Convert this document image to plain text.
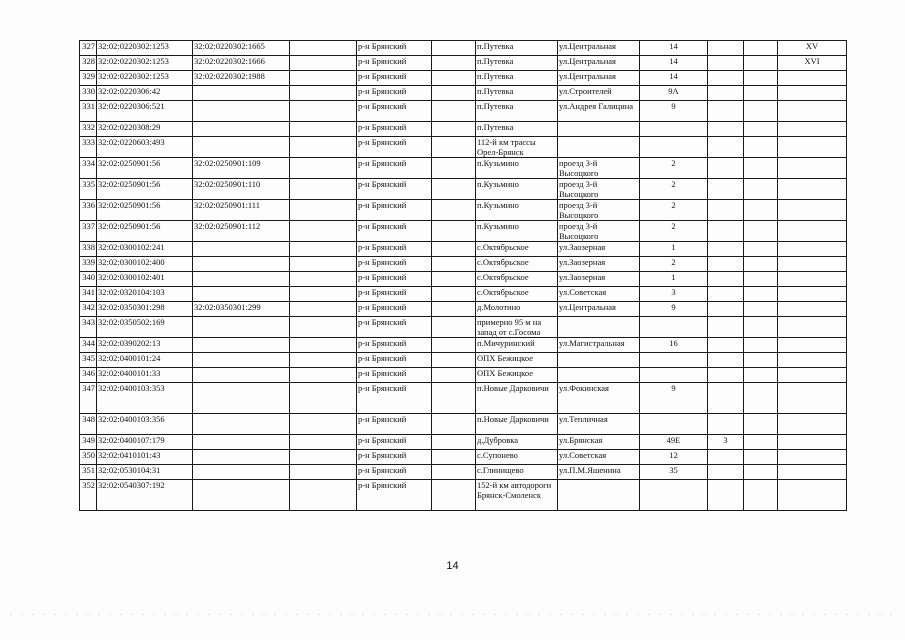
327	32:02:0220302:1253	32:02:0220302:1665		р-н Брянский		п.Путевка	ул.Центральная	14			XV
328	32:02:0220302:1253	32:02:0220302:1666		р-н Брянский		п.Путевка	ул.Центральная	14			XVI
329	32:02:0220302:1253	32:02:0220302:1988		р-н Брянский		п.Путевка	ул.Центральная	14			
330	32:02:0220306:42			р-н Брянский		п.Путевка	ул.Строителей	9А			
331	32:02:0220306:521			р-н Брянский		п.Путевка	ул.Андрея Галицина	9			
332	32:02:0220308:29			р-н Брянский		п.Путевка					
333	32:02:0220603:493			р-н Брянский		112-й км трассы Орел-Брянск					
334	32:02:0250901:56	32:02:0250901:109		р-н Брянский		п.Кузьмино	проезд 3-й Высоцкого	2			
335	32:02:0250901:56	32:02:0250901:110		р-н Брянский		п.Кузьмино	проезд 3-й Высоцкого	2			
336	32:02:0250901:56	32:02:0250901:111		р-н Брянский		п.Кузьмино	проезд 3-й Высоцкого	2			
337	32:02:0250901:56	32:02:0250901:112		р-н Брянский		п.Кузьмино	проезд 3-й Высоцкого	2			
338	32:02:0300102:241			р-н Брянский		с.Октябрьское	ул.Заозерная	1			
339	32:02:0300102:400			р-н Брянский		с.Октябрьское	ул.Заозерная	2			
340	32:02:0300102:401			р-н Брянский		с.Октябрьское	ул.Заозерная	1			
341	32:02:0320104:103			р-н Брянский		с.Октябрьское	ул.Советская	3			
342	32:02:0350301:298	32:02:0350301:299		р-н Брянский		д.Молотино	ул.Центральная	9			
343	32:02:0350502:169			р-н Брянский		примерно 95 м на запад от с.Госома					
344	32:02:0390202:13			р-н Брянский		п.Мичуринский	ул.Магистральная	16			
345	32:02:0400101:24			р-н Брянский		ОПХ Бежицкое					
346	32:02:0400101:33			р-н Брянский		ОПХ Бежицкое					
347	32:02:0400103:353			р-н Брянский		п.Новые Дарковичи	ул.Фокинская	9			
348	32:02:0400103:356			р-н Брянский		п.Новые Дарковичи	ул.Тепличная				
349	32:02:0400107:179			р-н Брянский		д.Дубровка	ул.Брянская	49Е	3		
350	32:02:0410101:43			р-н Брянский		с.Супонево	ул.Советская	12			
351	32:02:0530104:31			р-н Брянский		с.Глинищево	ул.П.М.Яшенина	35			
352	32:02:0540307:192			р-н Брянский		152-й км автодороги Брянск-Смоленск					
14
